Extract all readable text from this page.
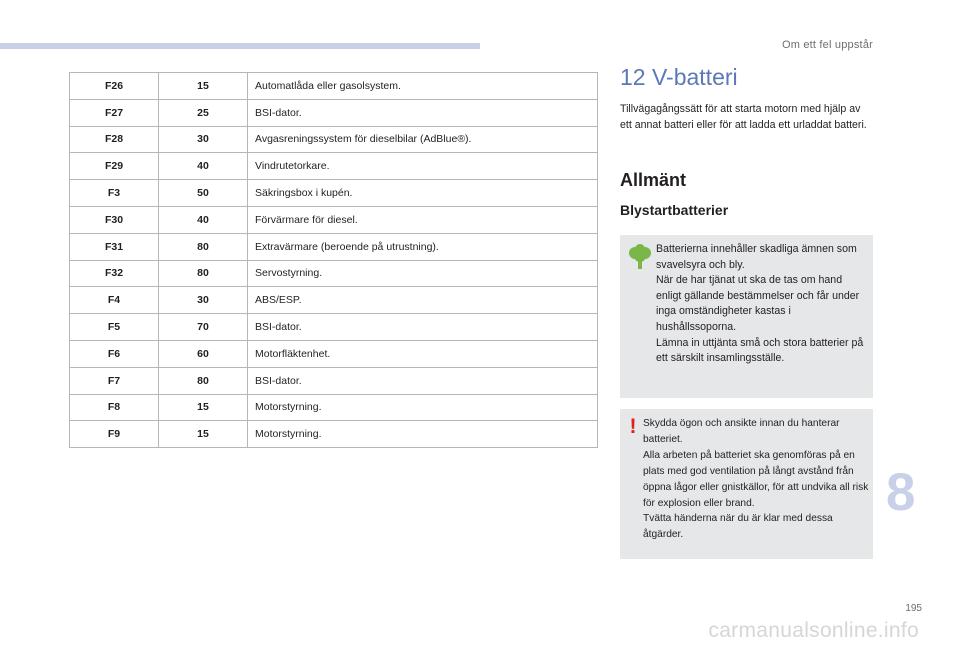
Om ett fel uppstår
F26	15	Automatlåda eller gasolsystem.
F27	25	BSI-dator.
F28	30	Avgasreningssystem för dieselbilar (AdBlue®).
F29	40	Vindrutetorkare.
F3	50	Säkringsbox i kupén.
F30	40	Förvärmare för diesel.
F31	80	Extravärmare (beroende på utrustning).
F32	80	Servostyrning.
F4	30	ABS/ESP.
F5	70	BSI-dator.
F6	60	Motorfläktenhet.
F7	80	BSI-dator.
F8	15	Motorstyrning.
F9	15	Motorstyrning.
12 V-batteri

Tillvägagångssätt för att starta motorn med hjälp av ett annat batteri eller för att ladda ett urladdat batteri.

Allmänt
Blystartbatterier
Batterierna innehåller skadliga ämnen som svavelsyra och bly.
När de har tjänat ut ska de tas om hand enligt gällande bestämmelser och får under inga omständigheter kastas i hushållssoporna.
Lämna in uttjänta små och stora batterier på ett särskilt insamlingsställe.
! Skydda ögon och ansikte innan du hanterar batteriet.
Alla arbeten på batteriet ska genomföras på en plats med god ventilation på långt avstånd från öppna lågor eller gnistkällor, för att undvika all risk för explosion eller brand.
Tvätta händerna när du är klar med dessa åtgärder.
8
195
carmanualsonline.info
